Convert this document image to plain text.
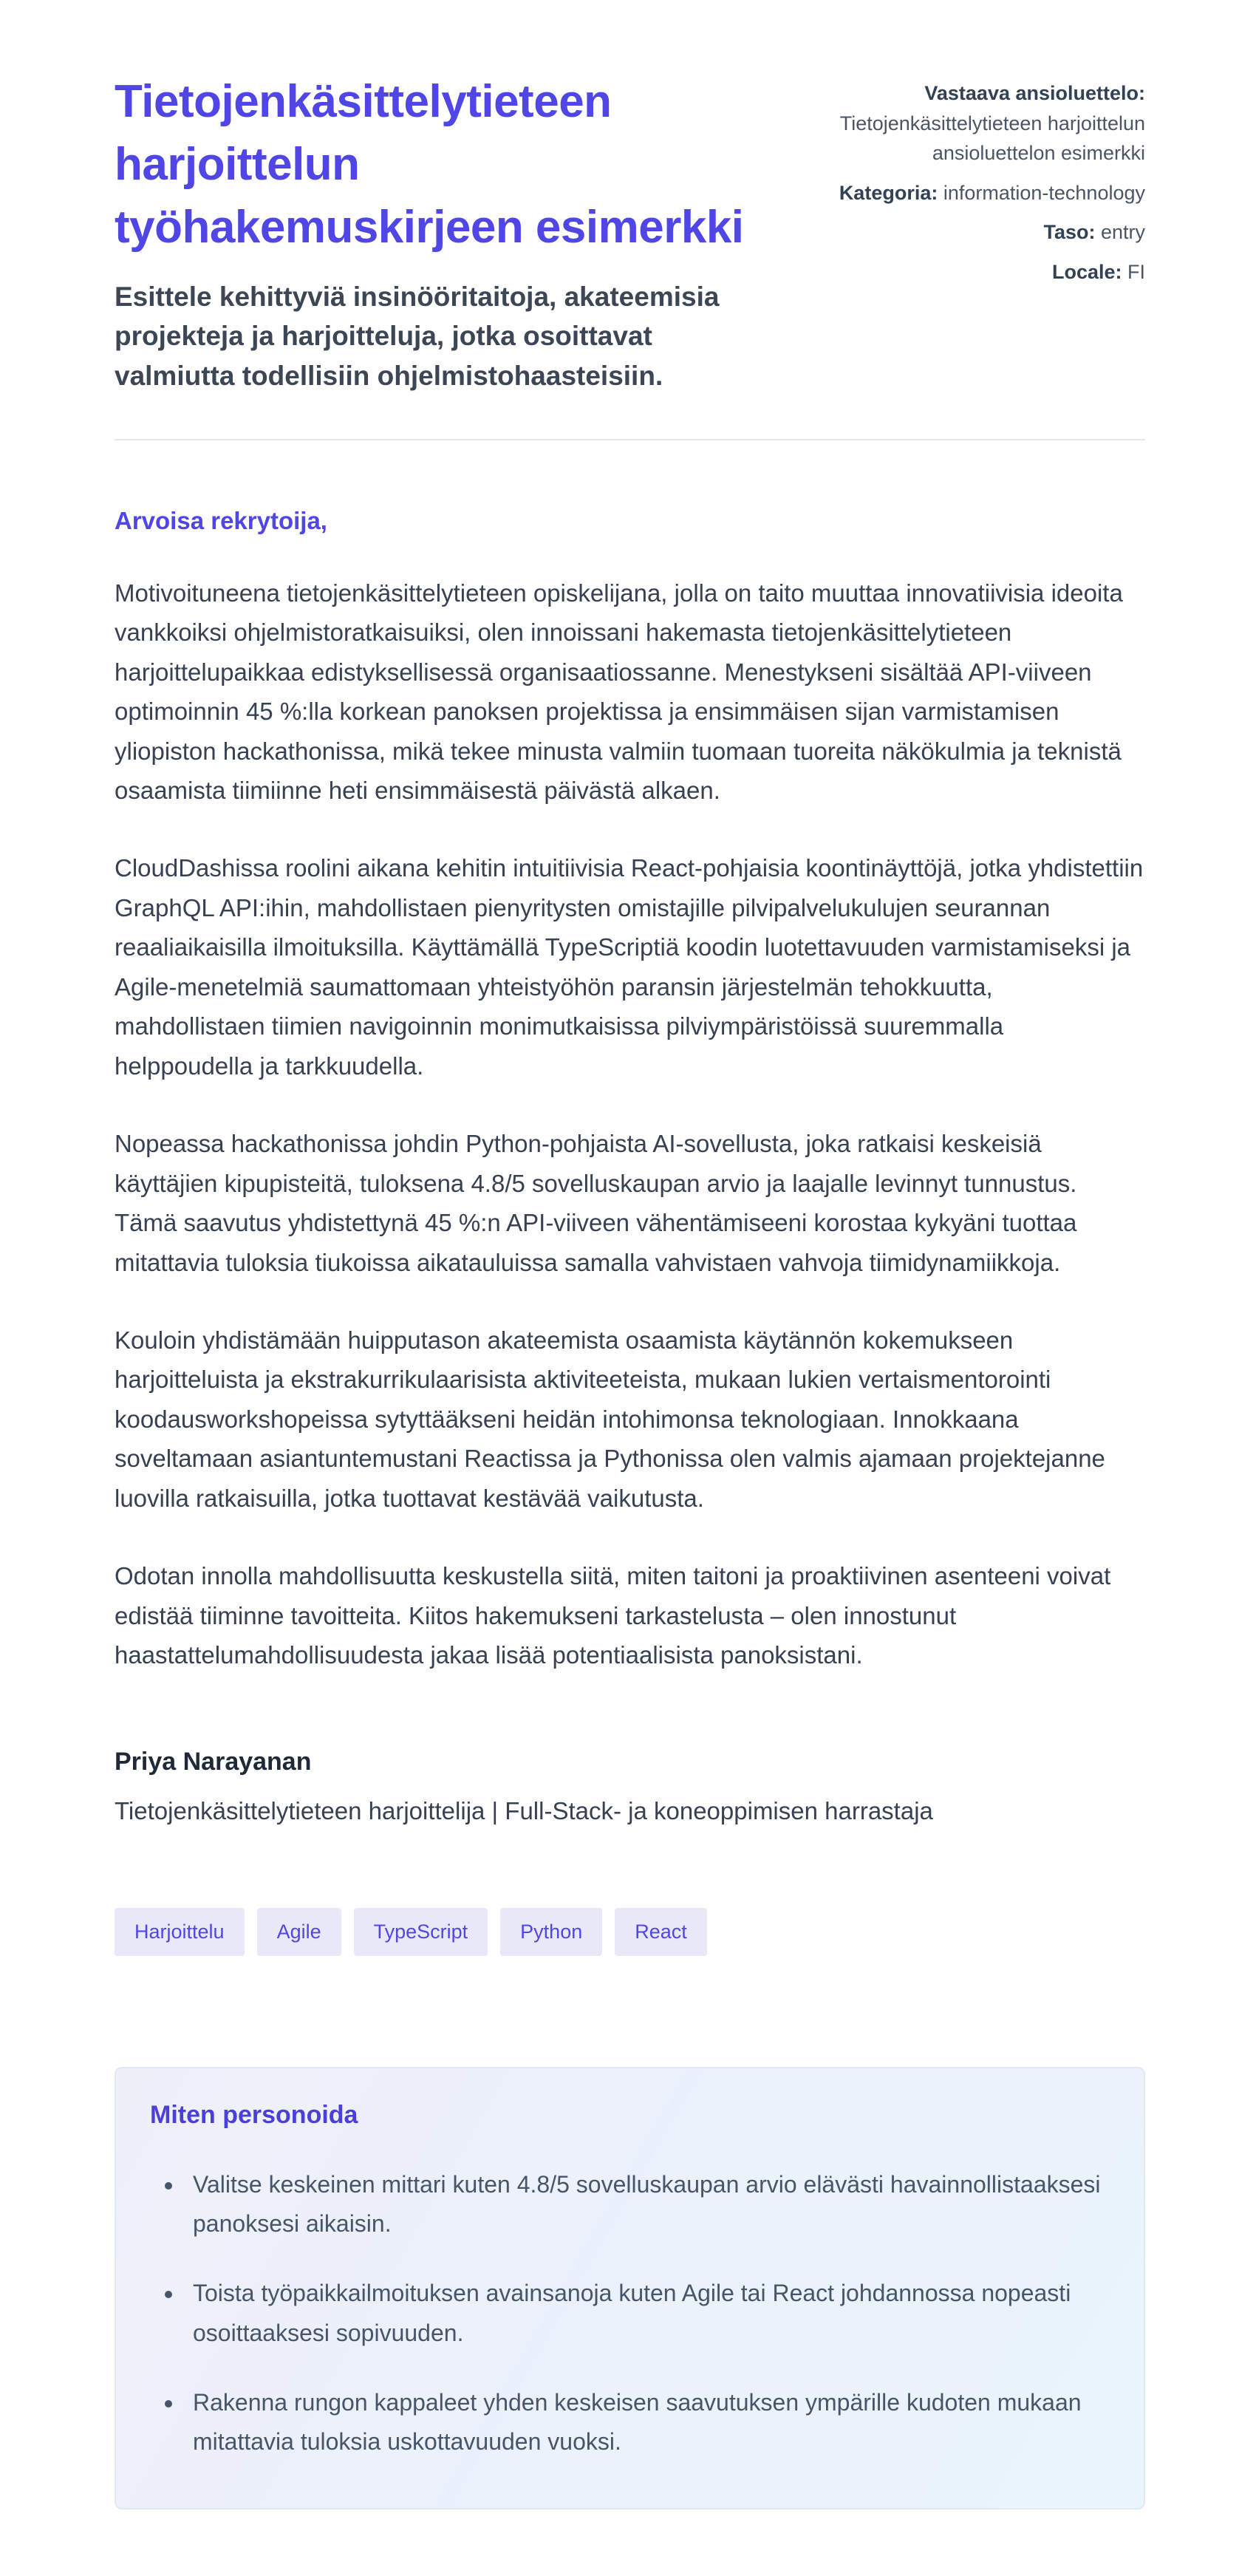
Tietojenkäsittelytieteen harjoittelun työhakemuskirjeen esimerkki

Esittele kehittyviä insinööritaitoja, akateemisia projekteja ja harjoitteluja, jotka osoittavat valmiutta todellisiin ohjelmistohaasteisiin.

Vastaava ansioluettelo: Tietojenkäsittelytieteen harjoittelun ansioluettelon esimerkki
Kategoria: information-technology
Taso: entry
Locale: FI

Arvoisa rekrytoija,

Motivoituneena tietojenkäsittelytieteen opiskelijana, jolla on taito muuttaa innovatiivisia ideoita vankkoiksi ohjelmistoratkaisuiksi, olen innoissani hakemasta tietojenkäsittelytieteen harjoittelupaikkaa edistyksellisessä organisaatiossanne. Menestykseni sisältää API-viiveen optimoinnin 45 %:lla korkean panoksen projektissa ja ensimmäisen sijan varmistamisen yliopiston hackathonissa, mikä tekee minusta valmiin tuomaan tuoreita näkökulmia ja teknistä osaamista tiimiinne heti ensimmäisestä päivästä alkaen.

CloudDashissa roolini aikana kehitin intuitiivisia React-pohjaisia koontinäyttöjä, jotka yhdistettiin GraphQL API:ihin, mahdollistaen pienyritysten omistajille pilvipalvelukulujen seurannan reaaliaikaisilla ilmoituksilla. Käyttämällä TypeScriptiä koodin luotettavuuden varmistamiseksi ja Agile-menetelmiä saumattomaan yhteistyöhön paransin järjestelmän tehokkuutta, mahdollistaen tiimien navigoinnin monimutkaisissa pilviympäristöissä suuremmalla helppoudella ja tarkkuudella.

Nopeassa hackathonissa johdin Python-pohjaista AI-sovellusta, joka ratkaisi keskeisiä käyttäjien kipupisteitä, tuloksena 4.8/5 sovelluskaupan arvio ja laajalle levinnyt tunnustus. Tämä saavutus yhdistettynä 45 %:n API-viiveen vähentämiseeni korostaa kykyäni tuottaa mitattavia tuloksia tiukoissa aikatauluissa samalla vahvistaen vahvoja tiimidynamiikkoja.

Kouloin yhdistämään huipputason akateemista osaamista käytännön kokemukseen harjoitteluista ja ekstrakurrikulaarisista aktiviteeteista, mukaan lukien vertaismentorointi koodausworkshopeissa sytyttääkseni heidän intohimonsa teknologiaan. Innokkaana soveltamaan asiantuntemustani Reactissa ja Pythonissa olen valmis ajamaan projektejanne luovilla ratkaisuilla, jotka tuottavat kestävää vaikutusta.

Odotan innolla mahdollisuutta keskustella siitä, miten taitoni ja proaktiivinen asenteeni voivat edistää tiiminne tavoitteita. Kiitos hakemukseni tarkastelusta – olen innostunut haastattelumahdollisuudesta jakaa lisää potentiaalisista panoksistani.

Priya Narayanan
Tietojenkäsittelytieteen harjoittelija | Full-Stack- ja koneoppimisen harrastaja
Harjoittelu	Agile	TypeScript	Python	React
Miten personoida
• Valitse keskeinen mittari kuten 4.8/5 sovelluskaupan arvio elävästi havainnollistaaksesi panoksesi aikaisin.
• Toista työpaikkailmoituksen avainsanoja kuten Agile tai React johdannossa nopeasti osoittaaksesi sopivuuden.
• Rakenna rungon kappaleet yhden keskeisen saavutuksen ympärille kudoten mukaan mitattavia tuloksia uskottavuuden vuoksi.
